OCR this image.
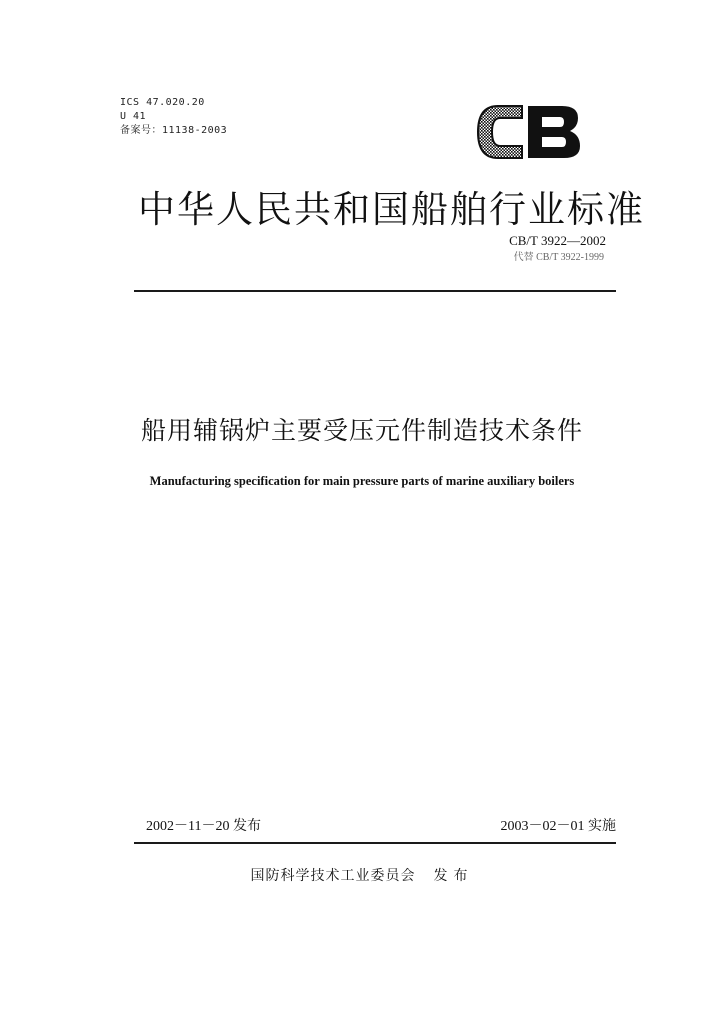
ICS 47.020.20
U 41
备案号：11138-2003
中华人民共和国船舶行业标准
CB/T 3922—2002
代替 CB/T 3922-1999
船用辅锅炉主要受压元件制造技术条件
Manufacturing specification for main pressure parts of marine auxiliary boilers
2002－11－20 发布	2003－02－01 实施
国防科学技术工业委员会 发布
